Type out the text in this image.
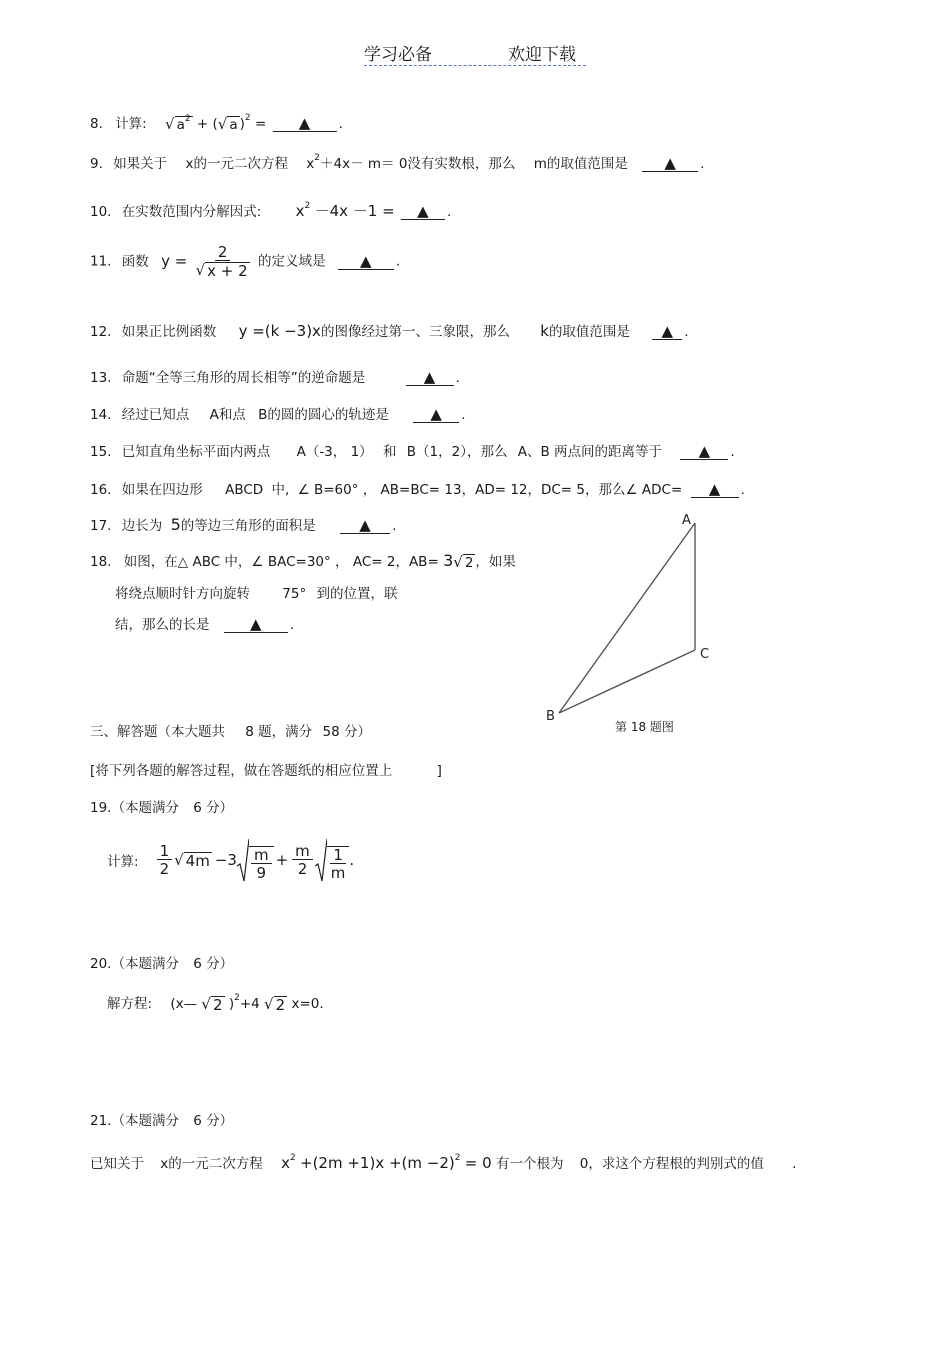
学习必备	欢迎下载
8. 计算: √ $a^2$ + ( √ a )$^2$ = ▲ .
9. 如果关于 x的一元二次方程 $x^2+4x- m= 0$没有实数根，那么 m的取值范围是 ▲ .
10. 在实数范围内分解因式: $x^2 -4x -1$ = ▲ .
11. 函数 $y = \frac{2}{√ x + 2}$ 的定义域是 ▲ .
12. 如果正比例函数 y =(k −3)x的图像经过第一、三象限，那么 k的取值范围是 ▲ .
13. 命题“全等三角形的周长相等”的逆命题是	▲ .
14. 经过已知点 A和点 B的圆的圆心的轨迹是	▲ .
15. 已知直角坐标平面内两点 A（-3， 1） 和 B（1，2），那么 A、B 两点间的距离等于 ▲ .
16. 如果在四边形 ABCD 中, ∠ B=60° ， AB=BC= 13，AD= 12，DC= 5，那么∠ ADC= ▲ .
17. 边长为 5的等边三角形的面积是	▲ .
18. 如图，在△ ABC 中，∠ BAC=30° ， AC= 2，AB= 3 √ 2 ，如果
将绕点顺时针方向旋转 75° 到的位置，联
结，那么的长是	▲ .
A
C
B
第 18 题图
三、解答题（本大题共 8 题，满分 58 分）
[将下列各题的解答过程，做在答题纸的相应位置上	]
19.（本题满分 6 分）
计算: $\frac{1}{2}$ √ $4m -3 \frac{m}{9} + \frac{m}{2} \frac{1}{m}$ .
20.（本题满分 6 分）
解方程: (x— √ 2 )$^2$+4 √ 2 x=0.
21.（本题满分 6 分）
已知关于 x的一元二次方程 $x^2 +(2m +1)x +(m -2)^2 = 0$ 有一个根为 0，求这个方程根的判别式的值 .
